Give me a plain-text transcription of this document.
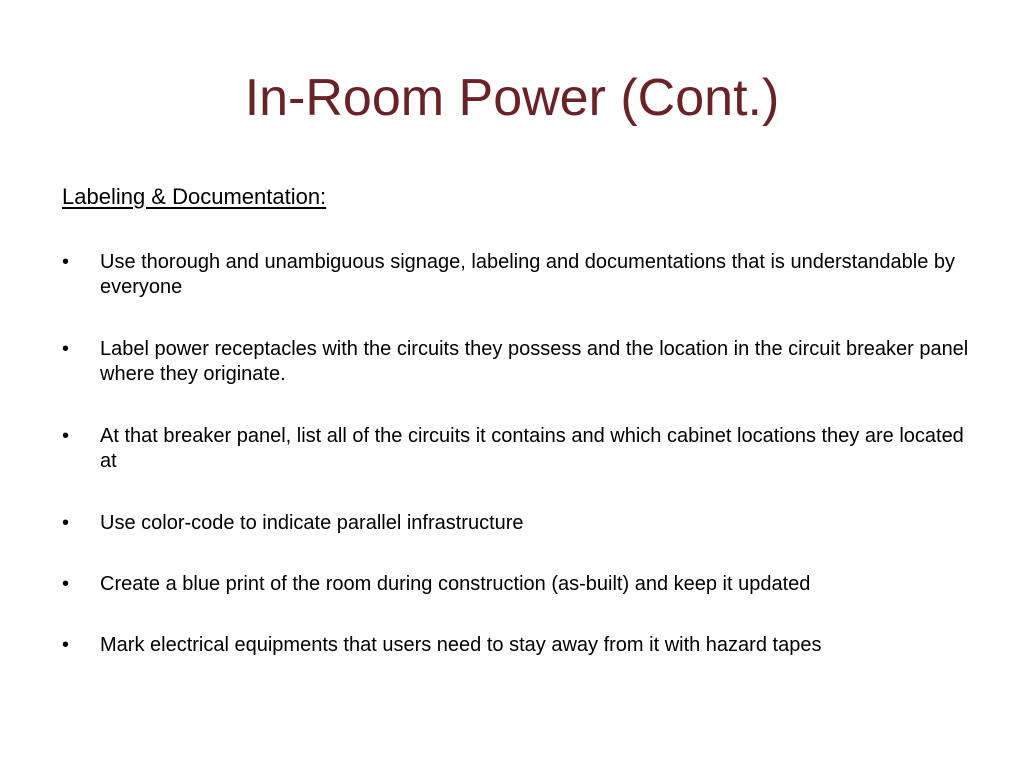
In-Room Power (Cont.)

Labeling & Documentation:

•	Use thorough and unambiguous signage, labeling and documentations that is understandable by everyone
•	Label power receptacles with the circuits they possess and the location in the circuit breaker panel where they originate.
•	At that breaker panel, list all of the circuits it contains and which cabinet locations they are located at
•	Use color-code to indicate parallel infrastructure
•	Create a blue print of the room during construction (as-built) and keep it updated
•	Mark electrical equipments that users need to stay away from it with hazard tapes
